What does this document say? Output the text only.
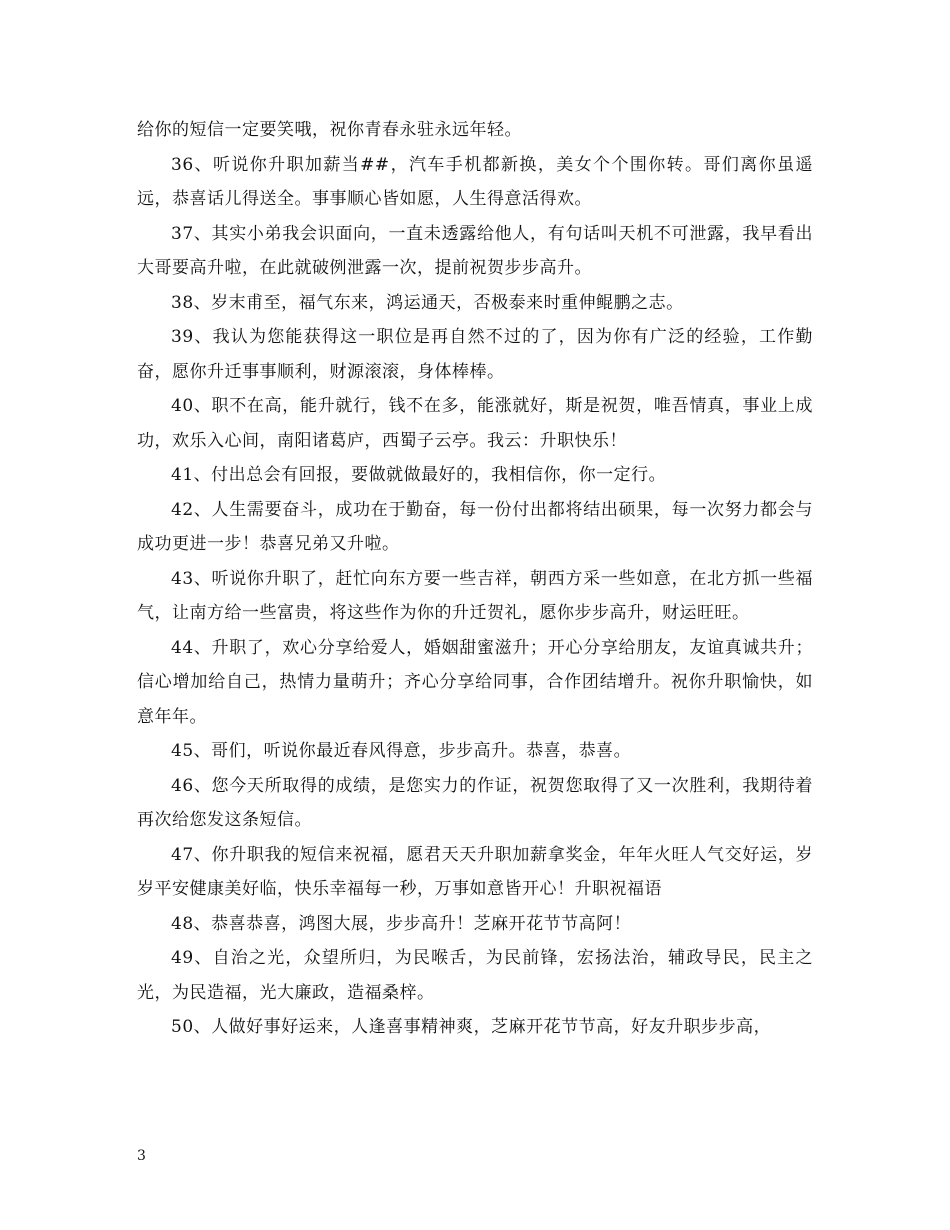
给你的短信一定要笑哦，祝你青春永驻永远年轻。

36、听说你升职加薪当##，汽车手机都新换，美女个个围你转。哥们离你虽遥远，恭喜话儿得送全。事事顺心皆如愿，人生得意活得欢。

37、其实小弟我会识面向，一直未透露给他人，有句话叫天机不可泄露，我早看出大哥要高升啦，在此就破例泄露一次，提前祝贺步步高升。

38、岁末甫至，福气东来，鸿运通天，否极泰来时重伸鲲鹏之志。

39、我认为您能获得这一职位是再自然不过的了，因为你有广泛的经验，工作勤奋，愿你升迁事事顺利，财源滚滚，身体棒棒。

40、职不在高，能升就行，钱不在多，能涨就好，斯是祝贺，唯吾情真，事业上成功，欢乐入心间，南阳诸葛庐，西蜀子云亭。我云：升职快乐！

41、付出总会有回报，要做就做最好的，我相信你，你一定行。

42、人生需要奋斗，成功在于勤奋，每一份付出都将结出硕果，每一次努力都会与成功更进一步！恭喜兄弟又升啦。

43、听说你升职了，赶忙向东方要一些吉祥，朝西方采一些如意，在北方抓一些福气，让南方给一些富贵，将这些作为你的升迁贺礼，愿你步步高升，财运旺旺。

44、升职了，欢心分享给爱人，婚姻甜蜜滋升；开心分享给朋友，友谊真诚共升；信心增加给自己，热情力量萌升；齐心分享给同事，合作团结增升。祝你升职愉快，如意年年。

45、哥们，听说你最近春风得意，步步高升。恭喜，恭喜。

46、您今天所取得的成绩，是您实力的作证，祝贺您取得了又一次胜利，我期待着再次给您发这条短信。

47、你升职我的短信来祝福，愿君天天升职加薪拿奖金，年年火旺人气交好运，岁岁平安健康美好临，快乐幸福每一秒，万事如意皆开心！升职祝福语

48、恭喜恭喜，鸿图大展，步步高升！芝麻开花节节高阿！

49、自治之光，众望所归，为民喉舌，为民前锋，宏扬法治，辅政导民，民主之光，为民造福，光大廉政，造福桑梓。

50、人做好事好运来，人逢喜事精神爽，芝麻开花节节高，好友升职步步高，

3
